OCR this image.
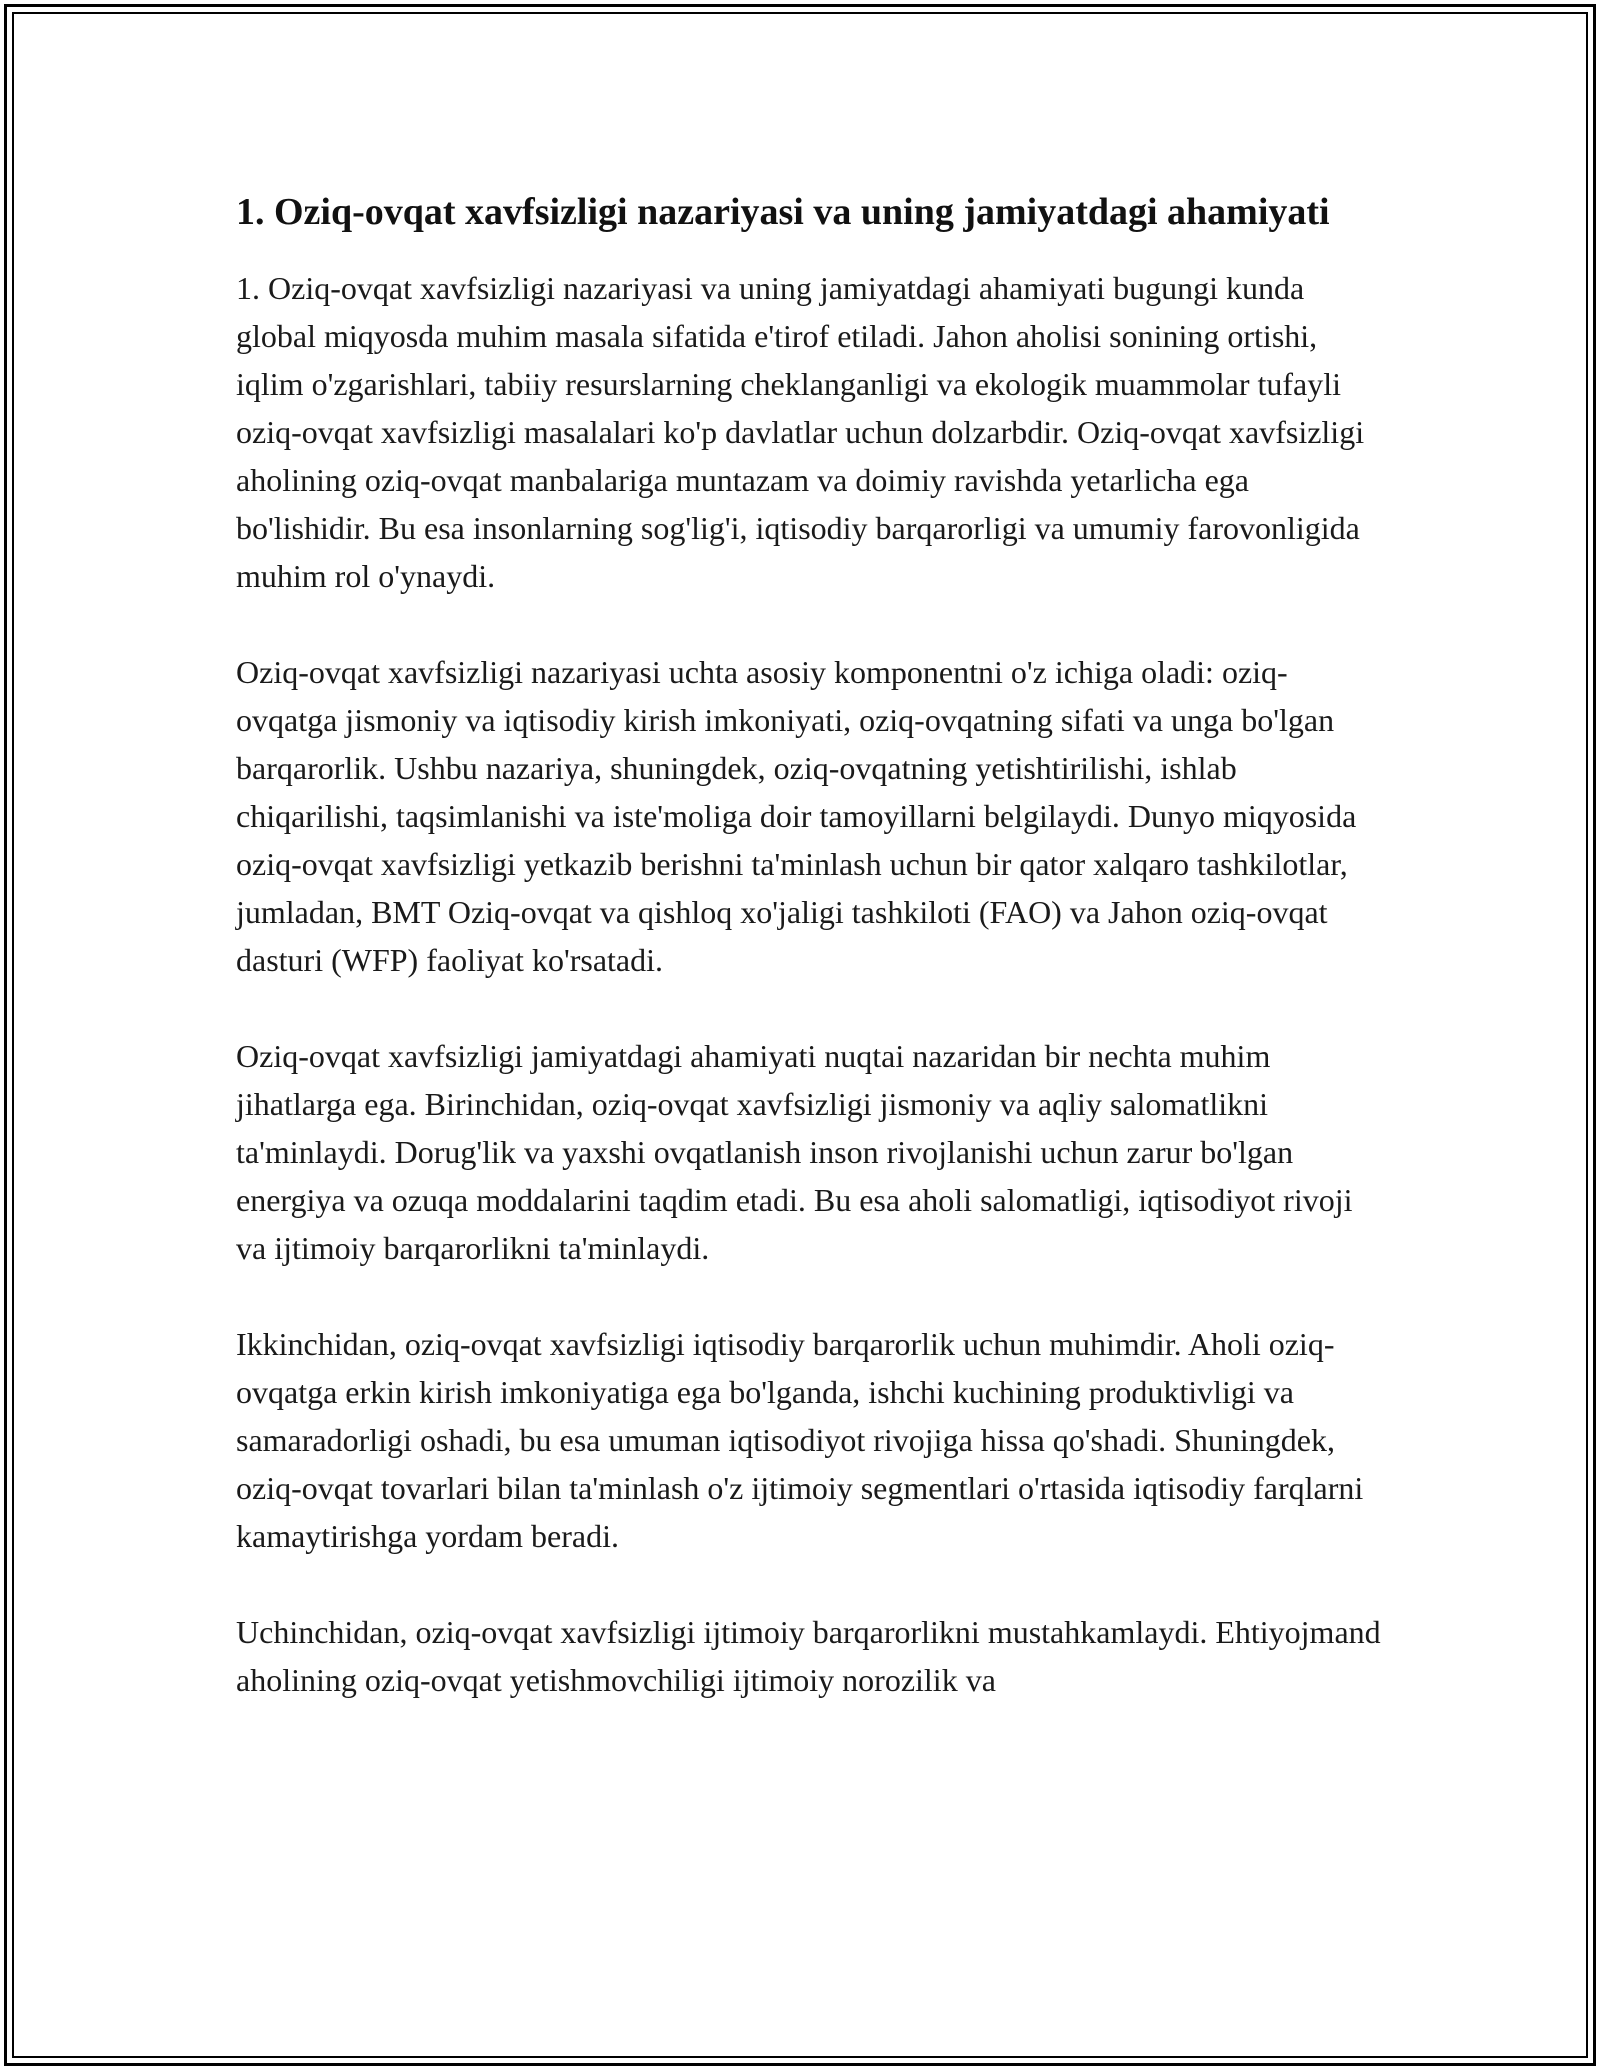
1. Oziq-ovqat xavfsizligi nazariyasi va uning jamiyatdagi ahamiyati

1. Oziq-ovqat xavfsizligi nazariyasi va uning jamiyatdagi ahamiyati bugungi kunda global miqyosda muhim masala sifatida e'tirof etiladi. Jahon aholisi sonining ortishi, iqlim o'zgarishlari, tabiiy resurslarning cheklanganligi va ekologik muammolar tufayli oziq-ovqat xavfsizligi masalalari ko'p davlatlar uchun dolzarbdir. Oziq-ovqat xavfsizligi aholining oziq-ovqat manbalariga muntazam va doimiy ravishda yetarlicha ega bo'lishidir. Bu esa insonlarning sog'lig'i, iqtisodiy barqarorligi va umumiy farovonligida muhim rol o'ynaydi.

Oziq-ovqat xavfsizligi nazariyasi uchta asosiy komponentni o'z ichiga oladi: oziq-ovqatga jismoniy va iqtisodiy kirish imkoniyati, oziq-ovqatning sifati va unga bo'lgan barqarorlik. Ushbu nazariya, shuningdek, oziq-ovqatning yetishtirilishi, ishlab chiqarilishi, taqsimlanishi va iste'moliga doir tamoyillarni belgilaydi. Dunyo miqyosida oziq-ovqat xavfsizligi yetkazib berishni ta'minlash uchun bir qator xalqaro tashkilotlar, jumladan, BMT Oziq-ovqat va qishloq xo'jaligi tashkiloti (FAO) va Jahon oziq-ovqat dasturi (WFP) faoliyat ko'rsatadi.

Oziq-ovqat xavfsizligi jamiyatdagi ahamiyati nuqtai nazaridan bir nechta muhim jihatlarga ega. Birinchidan, oziq-ovqat xavfsizligi jismoniy va aqliy salomatlikni ta'minlaydi. Dorug'lik va yaxshi ovqatlanish inson rivojlanishi uchun zarur bo'lgan energiya va ozuqa moddalarini taqdim etadi. Bu esa aholi salomatligi, iqtisodiyot rivoji va ijtimoiy barqarorlikni ta'minlaydi.

Ikkinchidan, oziq-ovqat xavfsizligi iqtisodiy barqarorlik uchun muhimdir. Aholi oziq-ovqatga erkin kirish imkoniyatiga ega bo'lganda, ishchi kuchining produktivligi va samaradorligi oshadi, bu esa umuman iqtisodiyot rivojiga hissa qo'shadi. Shuningdek, oziq-ovqat tovarlari bilan ta'minlash o'z ijtimoiy segmentlari o'rtasida iqtisodiy farqlarni kamaytirishga yordam beradi.

Uchinchidan, oziq-ovqat xavfsizligi ijtimoiy barqarorlikni mustahkamlaydi. Ehtiyojmand aholining oziq-ovqat yetishmovchiligi ijtimoiy norozilik va
